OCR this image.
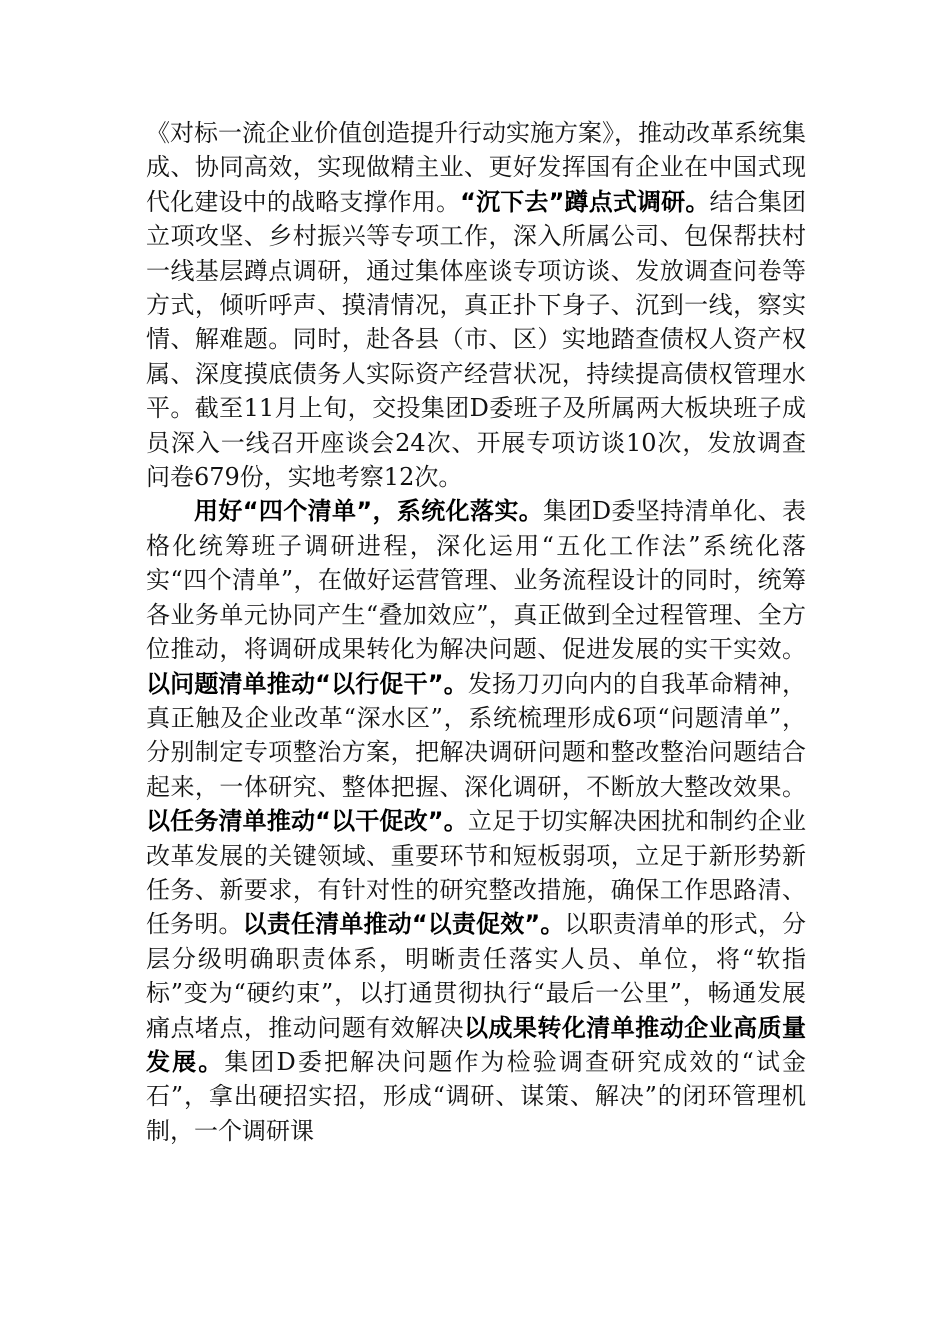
《对标一流企业价值创造提升行动实施方案》，推动改革系统集成、协同高效，实现做精主业、更好发挥国有企业在中国式现代化建设中的战略支撑作用。“沉下去”蹲点式调研。结合集团立项攻坚、乡村振兴等专项工作，深入所属公司、包保帮扶村一线基层蹲点调研，通过集体座谈专项访谈、发放调查问卷等方式，倾听呼声、摸清情况，真正扑下身子、沉到一线，察实情、解难题。同时，赴各县（市、区）实地踏查债权人资产权属、深度摸底债务人实际资产经营状况，持续提高债权管理水平。截至11月上旬，交投集团D委班子及所属两大板块班子成员深入一线召开座谈会24次、开展专项访谈10次，发放调查问卷679份，实地考察12次。

用好“四个清单”，系统化落实。集团D委坚持清单化、表格化统筹班子调研进程，深化运用“五化工作法”系统化落实“四个清单”，在做好运营管理、业务流程设计的同时，统筹各业务单元协同产生“叠加效应”，真正做到全过程管理、全方位推动，将调研成果转化为解决问题、促进发展的实干实效。以问题清单推动“以行促干”。发扬刀刃向内的自我革命精神，真正触及企业改革“深水区”，系统梳理形成6项“问题清单”，分别制定专项整治方案，把解决调研问题和整改整治问题结合起来，一体研究、整体把握、深化调研，不断放大整改效果。以任务清单推动“以干促改”。立足于切实解决困扰和制约企业改革发展的关键领域、重要环节和短板弱项，立足于新形势新任务、新要求，有针对性的研究整改措施，确保工作思路清、任务明。以责任清单推动“以责促效”。以职责清单的形式，分层分级明确职责体系，明晰责任落实人员、单位，将“软指标”变为“硬约束”，以打通贯彻执行“最后一公里”，畅通发展痛点堵点，推动问题有效解决以成果转化清单推动企业高质量发展。集团D委把解决问题作为检验调查研究成效的“试金石”，拿出硬招实招，形成“调研、谋策、解决”的闭环管理机制，一个调研课
